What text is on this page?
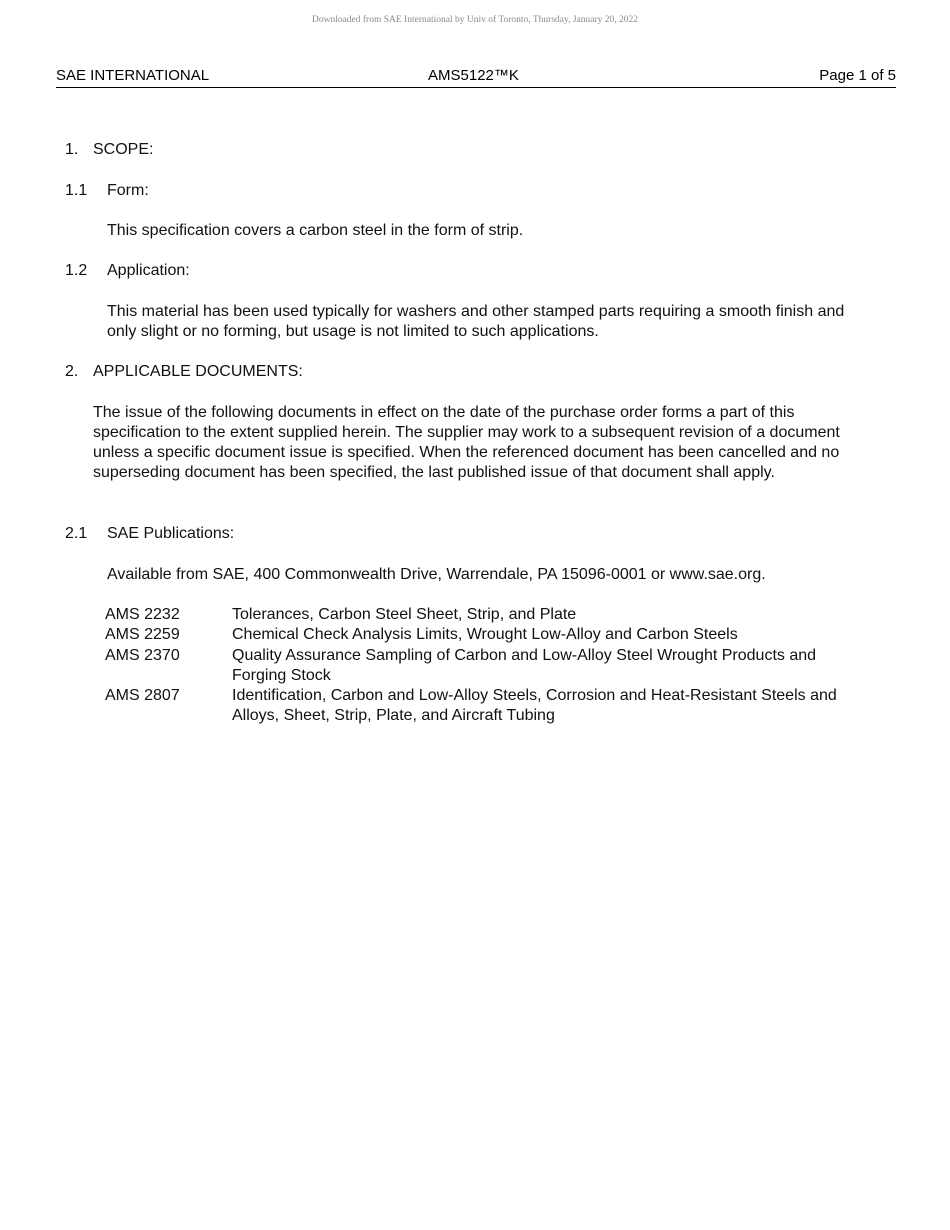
Downloaded from SAE International by Univ of Toronto, Thursday, January 20, 2022
SAE INTERNATIONAL	AMS5122™K	Page 1 of 5
1. SCOPE:
1.1 Form:

This specification covers a carbon steel in the form of strip.

1.2 Application:

This material has been used typically for washers and other stamped parts requiring a smooth finish and only slight or no forming, but usage is not limited to such applications.

2. APPLICABLE DOCUMENTS:

The issue of the following documents in effect on the date of the purchase order forms a part of this specification to the extent supplied herein. The supplier may work to a subsequent revision of a document unless a specific document issue is specified. When the referenced document has been cancelled and no superseding document has been specified, the last published issue of that document shall apply.

2.1 SAE Publications:

Available from SAE, 400 Commonwealth Drive, Warrendale, PA 15096-0001 or www.sae.org.

AMS 2232	Tolerances, Carbon Steel Sheet, Strip, and Plate
AMS 2259	Chemical Check Analysis Limits, Wrought Low-Alloy and Carbon Steels
AMS 2370	Quality Assurance Sampling of Carbon and Low-Alloy Steel Wrought Products and Forging Stock
AMS 2807	Identification, Carbon and Low-Alloy Steels, Corrosion and Heat-Resistant Steels and Alloys, Sheet, Strip, Plate, and Aircraft Tubing
